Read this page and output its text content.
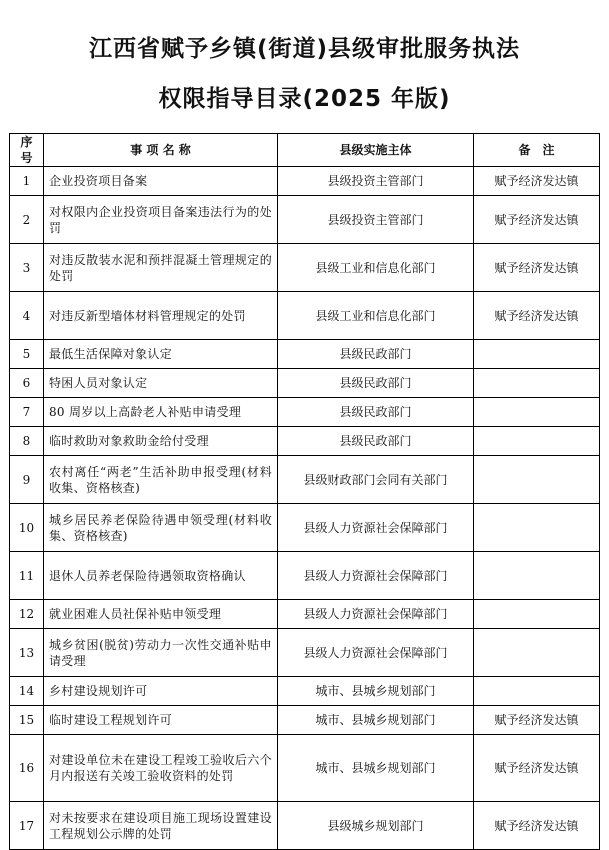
江西省赋予乡镇(街道)县级审批服务执法
权限指导目录(2025 年版)
序号	事 项 名 称	县级实施主体	备　注
1	企业投资项目备案	县级投资主管部门	赋予经济发达镇
2	对权限内企业投资项目备案违法行为的处罚	县级投资主管部门	赋予经济发达镇
3	对违反散装水泥和预拌混凝土管理规定的处罚	县级工业和信息化部门	赋予经济发达镇
4	对违反新型墙体材料管理规定的处罚	县级工业和信息化部门	赋予经济发达镇
5	最低生活保障对象认定	县级民政部门	
6	特困人员对象认定	县级民政部门	
7	80 周岁以上高龄老人补贴申请受理	县级民政部门	
8	临时救助对象救助金给付受理	县级民政部门	
9	农村离任“两老”生活补助申报受理(材料收集、资格核查)	县级财政部门会同有关部门	
10	城乡居民养老保险待遇申领受理(材料收集、资格核查)	县级人力资源社会保障部门	
11	退休人员养老保险待遇领取资格确认	县级人力资源社会保障部门	
12	就业困难人员社保补贴申领受理	县级人力资源社会保障部门	
13	城乡贫困(脱贫)劳动力一次性交通补贴申请受理	县级人力资源社会保障部门	
14	乡村建设规划许可	城市、县城乡规划部门	
15	临时建设工程规划许可	城市、县城乡规划部门	赋予经济发达镇
16	对建设单位未在建设工程竣工验收后六个月内报送有关竣工验收资料的处罚	城市、县城乡规划部门	赋予经济发达镇
17	对未按要求在建设项目施工现场设置建设工程规划公示牌的处罚	县级城乡规划部门	赋予经济发达镇
